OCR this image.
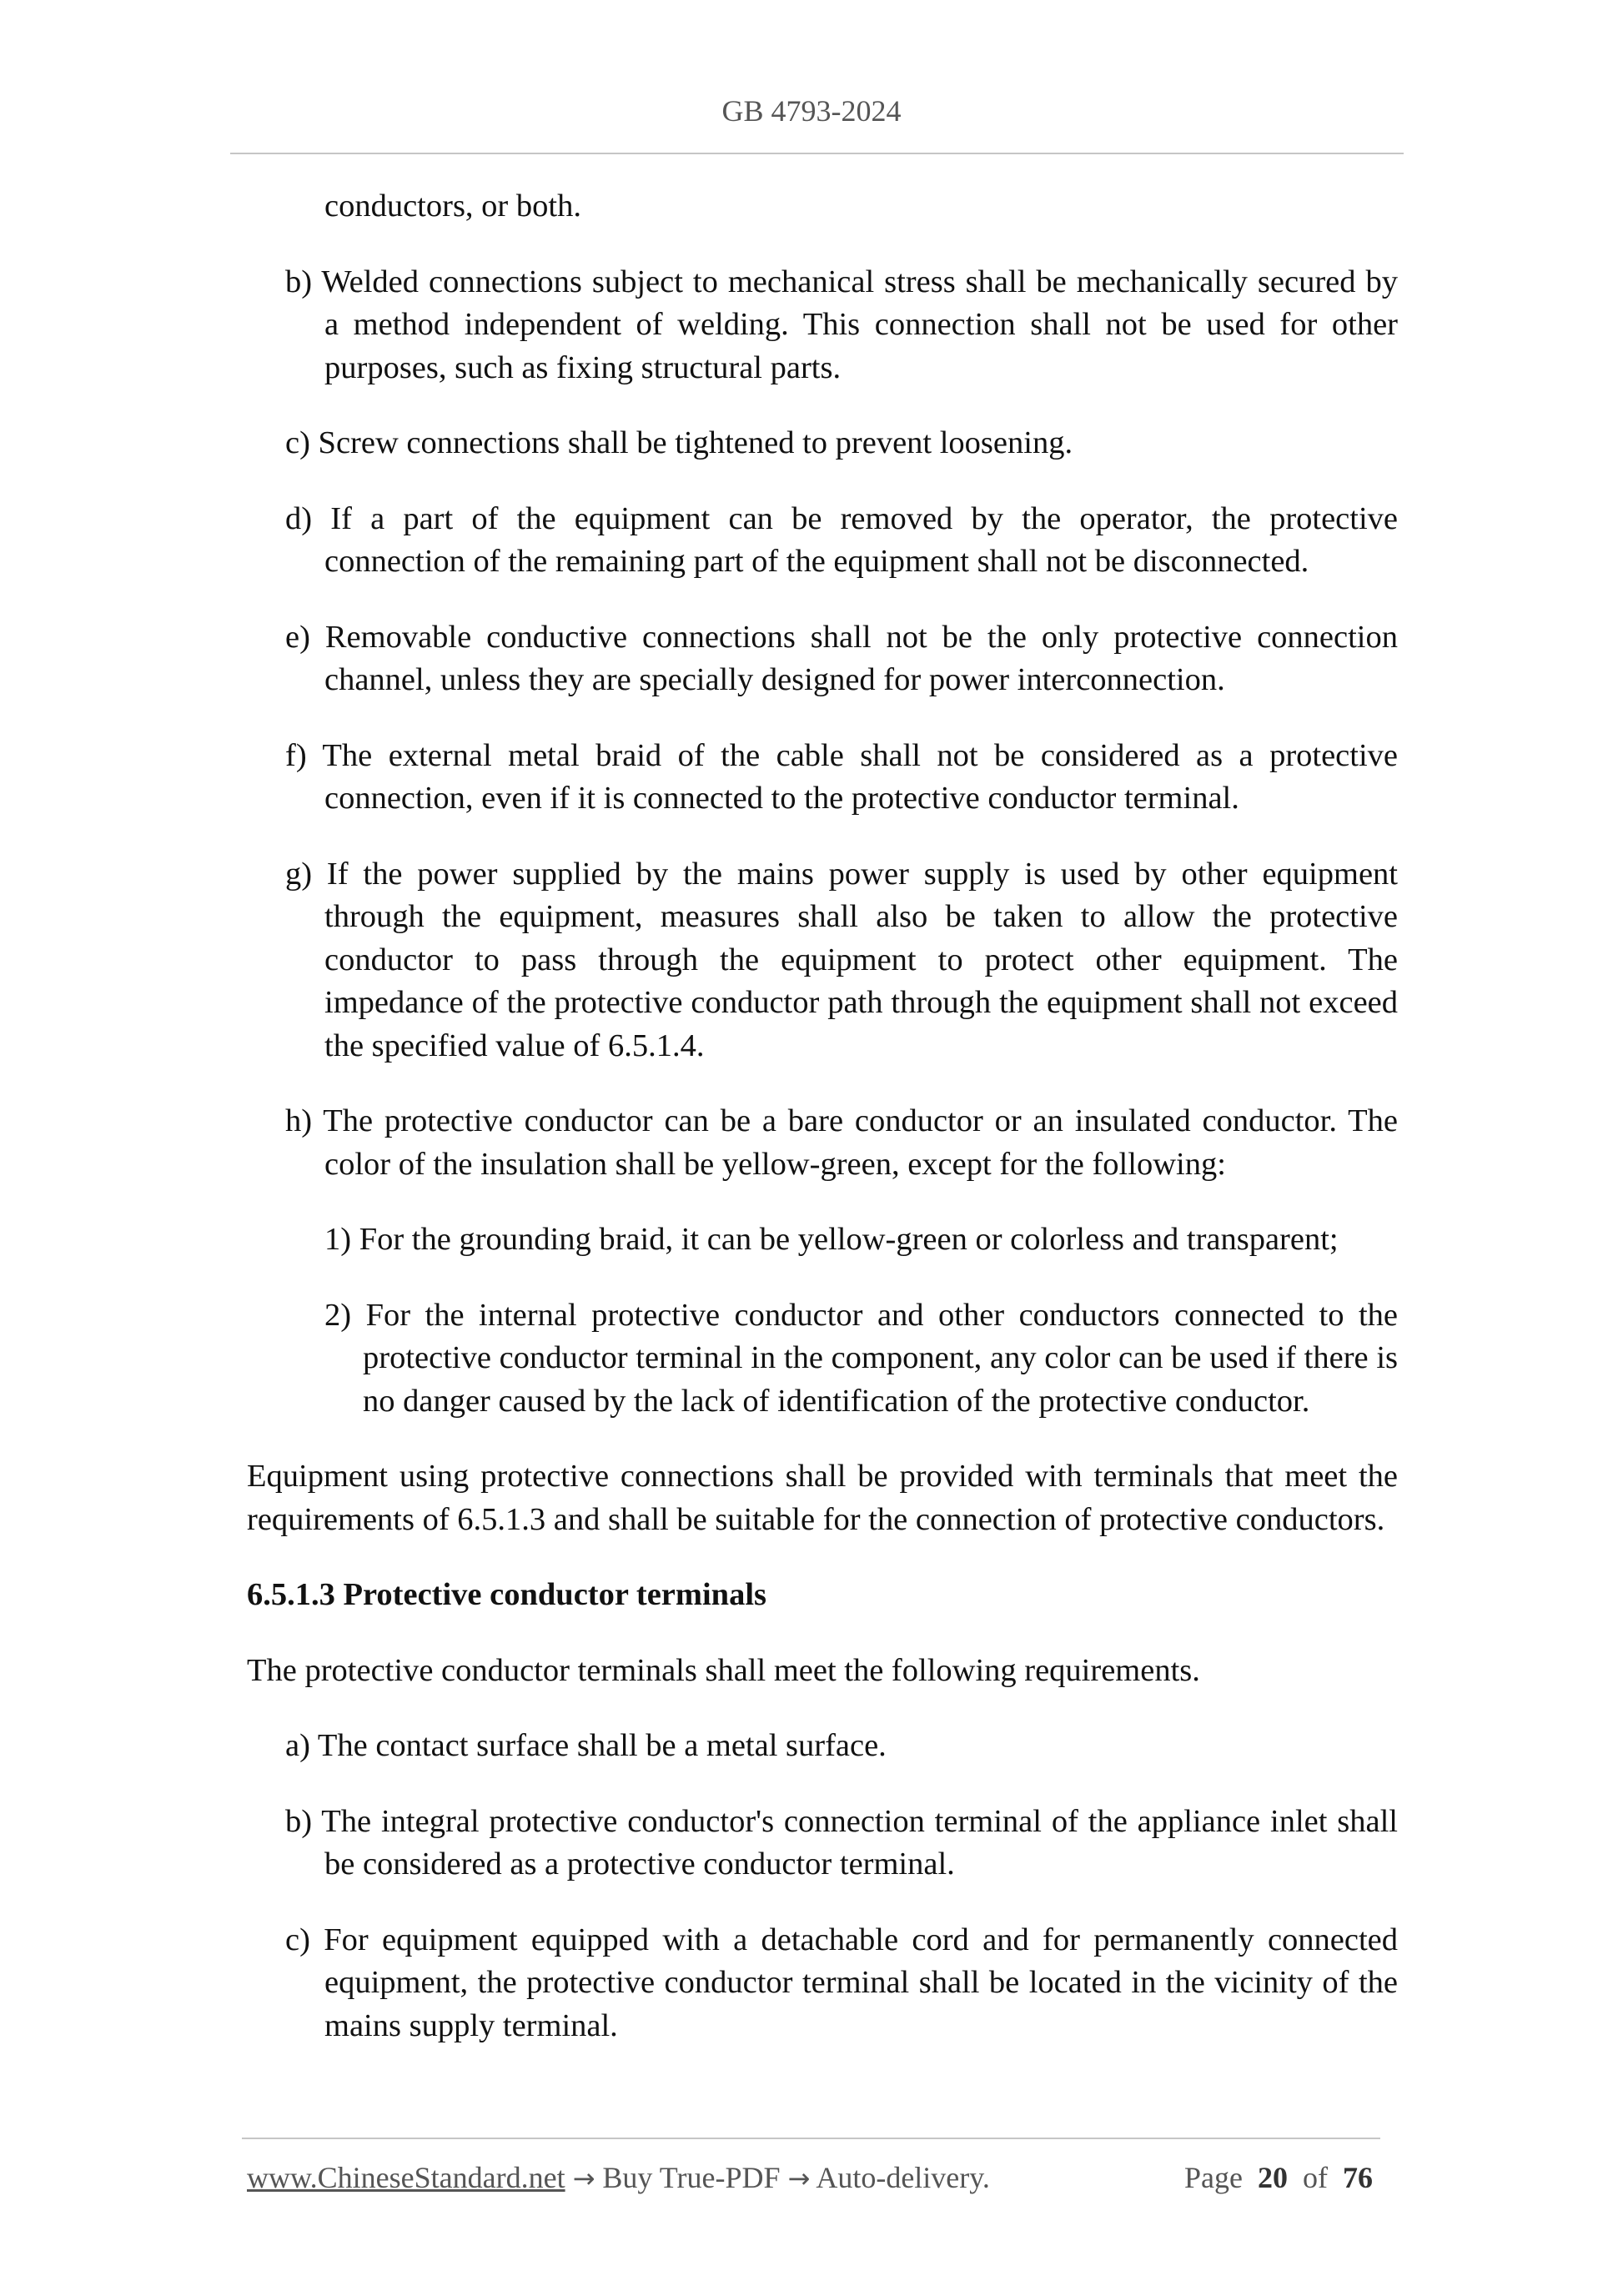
GB 4793-2024

conductors, or both.

b) Welded connections subject to mechanical stress shall be mechanically secured by a method independent of welding. This connection shall not be used for other purposes, such as fixing structural parts.

c) Screw connections shall be tightened to prevent loosening.

d) If a part of the equipment can be removed by the operator, the protective connection of the remaining part of the equipment shall not be disconnected.

e) Removable conductive connections shall not be the only protective connection channel, unless they are specially designed for power interconnection.

f) The external metal braid of the cable shall not be considered as a protective connection, even if it is connected to the protective conductor terminal.

g) If the power supplied by the mains power supply is used by other equipment through the equipment, measures shall also be taken to allow the protective conductor to pass through the equipment to protect other equipment. The impedance of the protective conductor path through the equipment shall not exceed the specified value of 6.5.1.4.

h) The protective conductor can be a bare conductor or an insulated conductor. The color of the insulation shall be yellow-green, except for the following:

1) For the grounding braid, it can be yellow-green or colorless and transparent;

2) For the internal protective conductor and other conductors connected to the protective conductor terminal in the component, any color can be used if there is no danger caused by the lack of identification of the protective conductor.

Equipment using protective connections shall be provided with terminals that meet the requirements of 6.5.1.3 and shall be suitable for the connection of protective conductors.

6.5.1.3 Protective conductor terminals

The protective conductor terminals shall meet the following requirements.

a) The contact surface shall be a metal surface.

b) The integral protective conductor's connection terminal of the appliance inlet shall be considered as a protective conductor terminal.

c) For equipment equipped with a detachable cord and for permanently connected equipment, the protective conductor terminal shall be located in the vicinity of the mains supply terminal.

www.ChineseStandard.net → Buy True-PDF → Auto-delivery.	Page 20 of 76
